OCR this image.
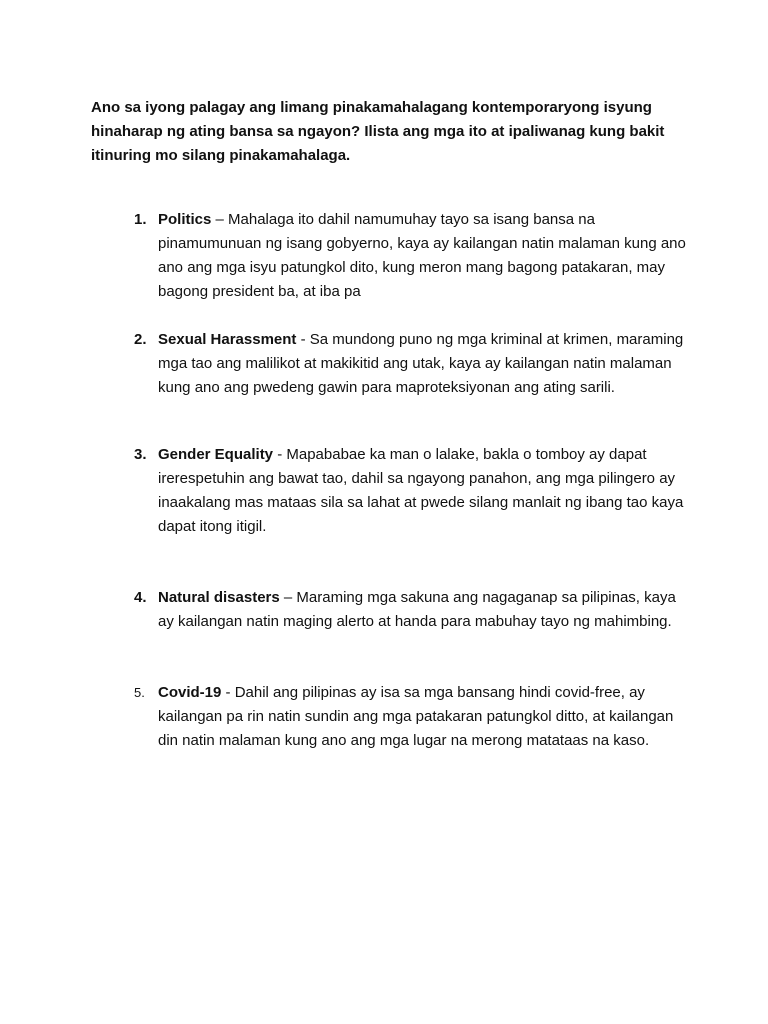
Ano sa iyong palagay ang limang pinakamahalagang kontemporaryong isyung hinaharap ng ating bansa sa ngayon? Ilista ang mga ito at ipaliwanag kung bakit itinuring mo silang pinakamahalaga.

1. Politics – Mahalaga ito dahil namumuhay tayo sa isang bansa na pinamumunuan ng isang gobyerno, kaya ay kailangan natin malaman kung ano ano ang mga isyu patungkol dito, kung meron mang bagong patakaran, may bagong president ba, at iba pa

2. Sexual Harassment - Sa mundong puno ng mga kriminal at krimen, maraming mga tao ang malilikot at makikitid ang utak, kaya ay kailangan natin malaman kung ano ang pwedeng gawin para maproteksiyonan ang ating sarili.

3. Gender Equality - Mapababae ka man o lalake, bakla o tomboy ay dapat irerespetuhin ang bawat tao, dahil sa ngayong panahon, ang mga pilingero ay inaakalang mas mataas sila sa lahat at pwede silang manlait ng ibang tao kaya dapat itong itigil.

4. Natural disasters – Maraming mga sakuna ang nagaganap sa pilipinas, kaya ay kailangan natin maging alerto at handa para mabuhay tayo ng mahimbing.

5. Covid-19 - Dahil ang pilipinas ay isa sa mga bansang hindi covid-free, ay kailangan pa rin natin sundin ang mga patakaran patungkol ditto, at kailangan din natin malaman kung ano ang mga lugar na merong matataas na kaso.
